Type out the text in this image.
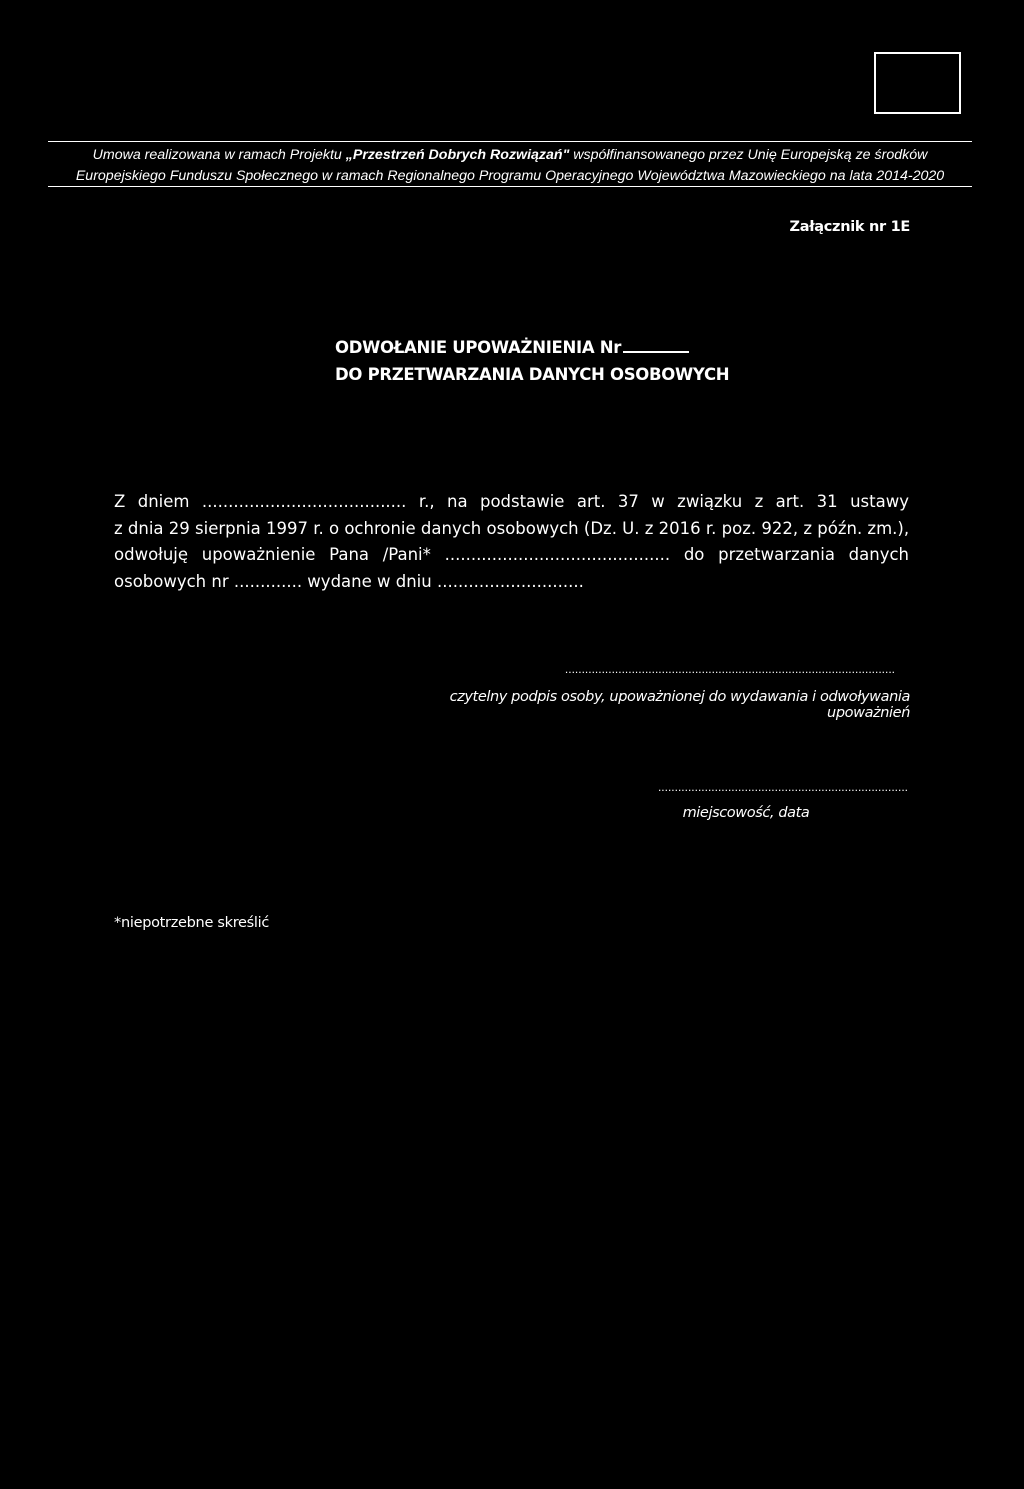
Umowa realizowana w ramach Projektu „Przestrzeń Dobrych Rozwiązań" współfinansowanego przez Unię Europejską ze środków
Europejskiego Funduszu Społecznego w ramach Regionalnego Programu Operacyjnego Województwa Mazowieckiego na lata 2014-2020
Załącznik nr 1E
ODWOŁANIE UPOWAŻNIENIA Nr
DO PRZETWARZANIA DANYCH OSOBOWYCH
Z dniem ....................................... r., na podstawie art. 37 w związku z art. 31 ustawy
z dnia 29 sierpnia 1997 r. o ochronie danych osobowych (Dz. U. z 2016 r. poz. 922, z późn. zm.),
odwołuję upoważnienie Pana /Pani* ........................................... do przetwarzania danych
osobowych nr ............. wydane w dniu ............................
...................................................................................................
czytelny podpis osoby, upoważnionej do wydawania i odwoływania upoważnień
...........................................................................
miejscowość, data
*niepotrzebne skreślić
